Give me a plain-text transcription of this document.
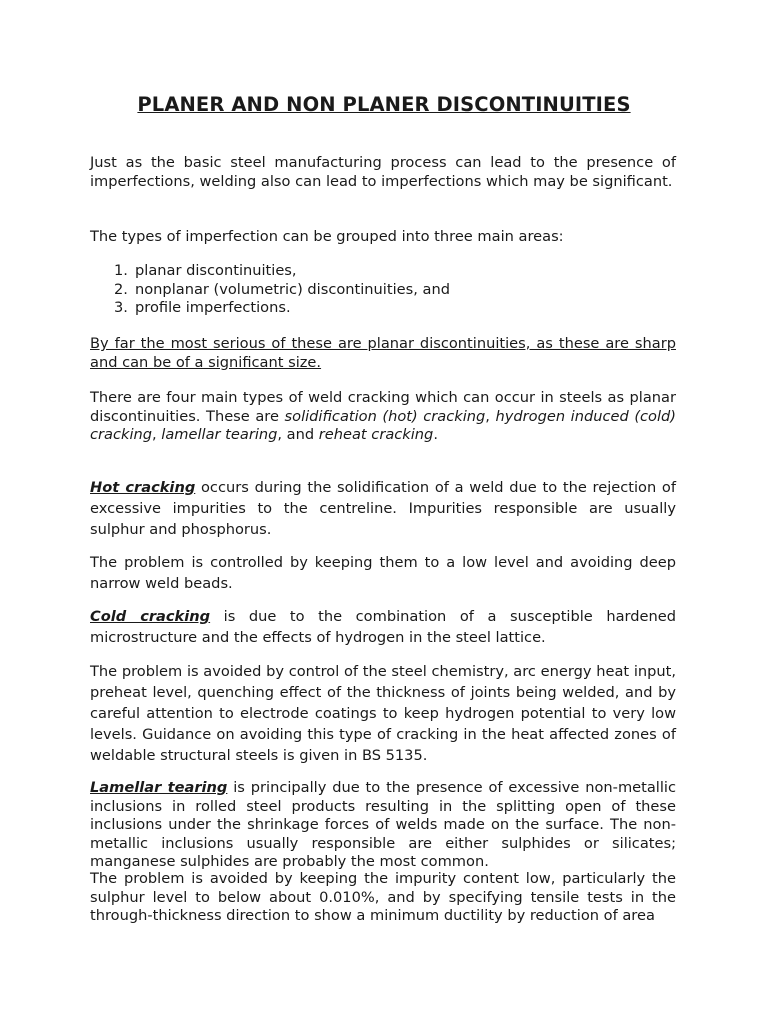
PLANER AND NON PLANER DISCONTINUITIES

Just as the basic steel manufacturing process can lead to the presence of imperfections, welding also can lead to imperfections which may be significant.

The types of imperfection can be grouped into three main areas:

1. planar discontinuities,
2. nonplanar (volumetric) discontinuities, and
3. profile imperfections.

By far the most serious of these are planar discontinuities, as these are sharp and can be of a significant size.

There are four main types of weld cracking which can occur in steels as planar discontinuities. These are solidification (hot) cracking, hydrogen induced (cold) cracking, lamellar tearing, and reheat cracking.

Hot cracking occurs during the solidification of a weld due to the rejection of excessive impurities to the centreline. Impurities responsible are usually sulphur and phosphorus.

The problem is controlled by keeping them to a low level and avoiding deep narrow weld beads.

Cold cracking is due to the combination of a susceptible hardened microstructure and the effects of hydrogen in the steel lattice.

The problem is avoided by control of the steel chemistry, arc energy heat input, preheat level, quenching effect of the thickness of joints being welded, and by careful attention to electrode coatings to keep hydrogen potential to very low levels. Guidance on avoiding this type of cracking in the heat affected zones of weldable structural steels is given in BS 5135.

Lamellar tearing is principally due to the presence of excessive non-metallic inclusions in rolled steel products resulting in the splitting open of these inclusions under the shrinkage forces of welds made on the surface. The non-metallic inclusions usually responsible are either sulphides or silicates; manganese sulphides are probably the most common.

The problem is avoided by keeping the impurity content low, particularly the sulphur level to below about 0.010%, and by specifying tensile tests in the through-thickness direction to show a minimum ductility by reduction of area
